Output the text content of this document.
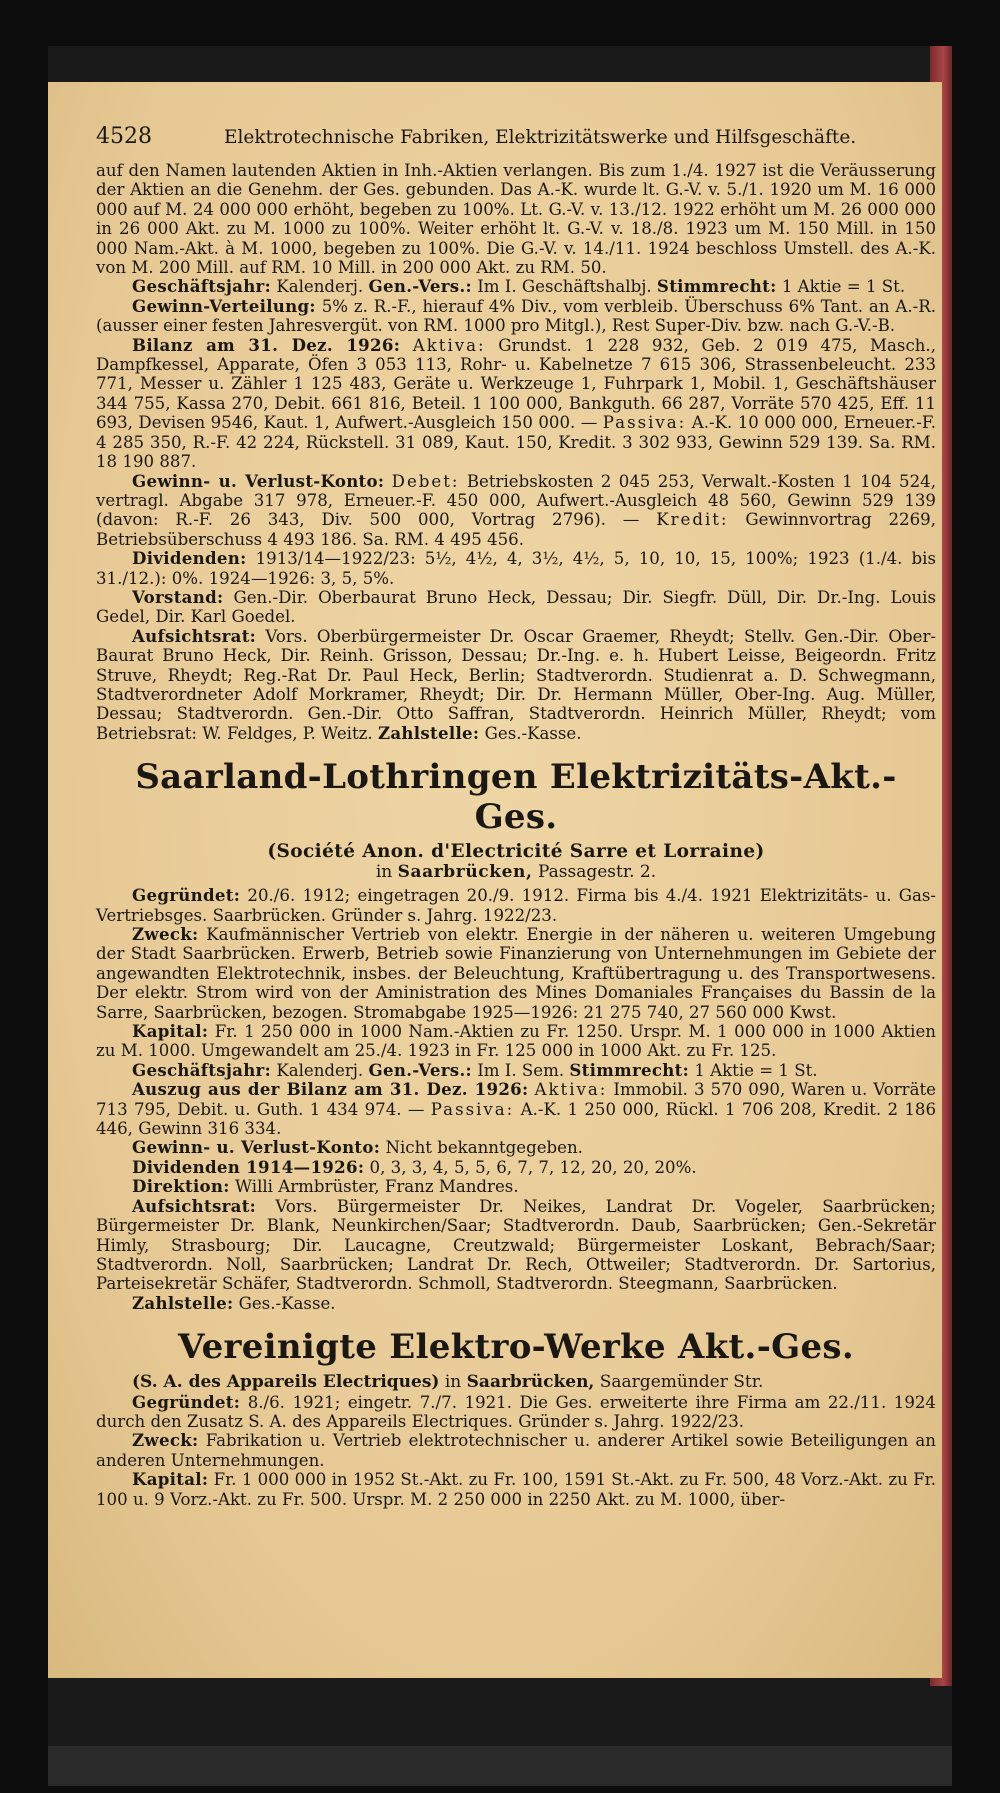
4528	Elektrotechnische Fabriken, Elektrizitätswerke und Hilfsgeschäfte.

auf den Namen lautenden Aktien in Inh.-Aktien verlangen. Bis zum 1./4. 1927 ist die Veräusserung der Aktien an die Genehm. der Ges. gebunden. Das A.-K. wurde lt. G.-V. v. 5./1. 1920 um M. 16 000 000 auf M. 24 000 000 erhöht, begeben zu 100%. Lt. G.-V. v. 13./12. 1922 erhöht um M. 26 000 000 in 26 000 Akt. zu M. 1000 zu 100%. Weiter erhöht lt. G.-V. v. 18./8. 1923 um M. 150 Mill. in 150 000 Nam.-Akt. à M. 1000, begeben zu 100%. Die G.-V. v. 14./11. 1924 beschloss Umstell. des A.-K. von M. 200 Mill. auf RM. 10 Mill. in 200 000 Akt. zu RM. 50.

Geschäftsjahr: Kalenderj. Gen.-Vers.: Im I. Geschäftshalbj. Stimmrecht: 1 Aktie = 1 St.

Gewinn-Verteilung: 5% z. R.-F., hierauf 4% Div., vom verbleib. Überschuss 6% Tant. an A.-R. (ausser einer festen Jahresvergüt. von RM. 1000 pro Mitgl.), Rest Super-Div. bzw. nach G.-V.-B.

Bilanz am 31. Dez. 1926: Aktiva: Grundst. 1 228 932, Geb. 2 019 475, Masch., Dampfkessel, Apparate, Öfen 3 053 113, Rohr- u. Kabelnetze 7 615 306, Strassenbeleucht. 233 771, Messer u. Zähler 1 125 483, Geräte u. Werkzeuge 1, Fuhrpark 1, Mobil. 1, Geschäftshäuser 344 755, Kassa 270, Debit. 661 816, Beteil. 1 100 000, Bankguth. 66 287, Vorräte 570 425, Eff. 11 693, Devisen 9546, Kaut. 1, Aufwert.-Ausgleich 150 000. — Passiva: A.-K. 10 000 000, Erneuer.-F. 4 285 350, R.-F. 42 224, Rückstell. 31 089, Kaut. 150, Kredit. 3 302 933, Gewinn 529 139. Sa. RM. 18 190 887.

Gewinn- u. Verlust-Konto: Debet: Betriebskosten 2 045 253, Verwalt.-Kosten 1 104 524, vertragl. Abgabe 317 978, Erneuer.-F. 450 000, Aufwert.-Ausgleich 48 560, Gewinn 529 139 (davon: R.-F. 26 343, Div. 500 000, Vortrag 2796). — Kredit: Gewinnvortrag 2269, Betriebsüberschuss 4 493 186. Sa. RM. 4 495 456.

Dividenden: 1913/14—1922/23: 5½, 4½, 4, 3½, 4½, 5, 10, 10, 15, 100%; 1923 (1./4. bis 31./12.): 0%. 1924—1926: 3, 5, 5%.

Vorstand: Gen.-Dir. Oberbaurat Bruno Heck, Dessau; Dir. Siegfr. Düll, Dir. Dr.-Ing. Louis Gedel, Dir. Karl Goedel.

Aufsichtsrat: Vors. Oberbürgermeister Dr. Oscar Graemer, Rheydt; Stellv. Gen.-Dir. Ober-Baurat Bruno Heck, Dir. Reinh. Grisson, Dessau; Dr.-Ing. e. h. Hubert Leisse, Beigeordn. Fritz Struve, Rheydt; Reg.-Rat Dr. Paul Heck, Berlin; Stadtverordn. Studienrat a. D. Schwegmann, Stadtverordneter Adolf Morkramer, Rheydt; Dir. Dr. Hermann Müller, Ober-Ing. Aug. Müller, Dessau; Stadtverordn. Gen.-Dir. Otto Saffran, Stadtverordn. Heinrich Müller, Rheydt; vom Betriebsrat: W. Feldges, P. Weitz. Zahlstelle: Ges.-Kasse.

Saarland-Lothringen Elektrizitäts-Akt.-Ges.
(Société Anon. d'Electricité Sarre et Lorraine)
in Saarbrücken, Passagestr. 2.

Gegründet: 20./6. 1912; eingetragen 20./9. 1912. Firma bis 4./4. 1921 Elektrizitäts- u. Gas-Vertriebsges. Saarbrücken. Gründer s. Jahrg. 1922/23.

Zweck: Kaufmännischer Vertrieb von elektr. Energie in der näheren u. weiteren Umgebung der Stadt Saarbrücken. Erwerb, Betrieb sowie Finanzierung von Unternehmungen im Gebiete der angewandten Elektrotechnik, insbes. der Beleuchtung, Kraftübertragung u. des Transportwesens. Der elektr. Strom wird von der Aministration des Mines Domaniales Françaises du Bassin de la Sarre, Saarbrücken, bezogen. Stromabgabe 1925—1926: 21 275 740, 27 560 000 Kwst.

Kapital: Fr. 1 250 000 in 1000 Nam.-Aktien zu Fr. 1250. Urspr. M. 1 000 000 in 1000 Aktien zu M. 1000. Umgewandelt am 25./4. 1923 in Fr. 125 000 in 1000 Akt. zu Fr. 125.

Geschäftsjahr: Kalenderj. Gen.-Vers.: Im I. Sem. Stimmrecht: 1 Aktie = 1 St.

Auszug aus der Bilanz am 31. Dez. 1926: Aktiva: Immobil. 3 570 090, Waren u. Vorräte 713 795, Debit. u. Guth. 1 434 974. — Passiva: A.-K. 1 250 000, Rückl. 1 706 208, Kredit. 2 186 446, Gewinn 316 334.

Gewinn- u. Verlust-Konto: Nicht bekanntgegeben.

Dividenden 1914—1926: 0, 3, 3, 4, 5, 5, 6, 7, 7, 12, 20, 20, 20%.

Direktion: Willi Armbrüster, Franz Mandres.

Aufsichtsrat: Vors. Bürgermeister Dr. Neikes, Landrat Dr. Vogeler, Saarbrücken; Bürgermeister Dr. Blank, Neunkirchen/Saar; Stadtverordn. Daub, Saarbrücken; Gen.-Sekretär Himly, Strasbourg; Dir. Laucagne, Creutzwald; Bürgermeister Loskant, Bebrach/Saar; Stadtverordn. Noll, Saarbrücken; Landrat Dr. Rech, Ottweiler; Stadtverordn. Dr. Sartorius, Parteisekretär Schäfer, Stadtverordn. Schmoll, Stadtverordn. Steegmann, Saarbrücken.

Zahlstelle: Ges.-Kasse.

Vereinigte Elektro-Werke Akt.-Ges.

(S. A. des Appareils Electriques) in Saarbrücken, Saargemünder Str.

Gegründet: 8./6. 1921; eingetr. 7./7. 1921. Die Ges. erweiterte ihre Firma am 22./11. 1924 durch den Zusatz S. A. des Appareils Electriques. Gründer s. Jahrg. 1922/23.

Zweck: Fabrikation u. Vertrieb elektrotechnischer u. anderer Artikel sowie Beteiligungen an anderen Unternehmungen.

Kapital: Fr. 1 000 000 in 1952 St.-Akt. zu Fr. 100, 1591 St.-Akt. zu Fr. 500, 48 Vorz.-Akt. zu Fr. 100 u. 9 Vorz.-Akt. zu Fr. 500. Urspr. M. 2 250 000 in 2250 Akt. zu M. 1000, über-
